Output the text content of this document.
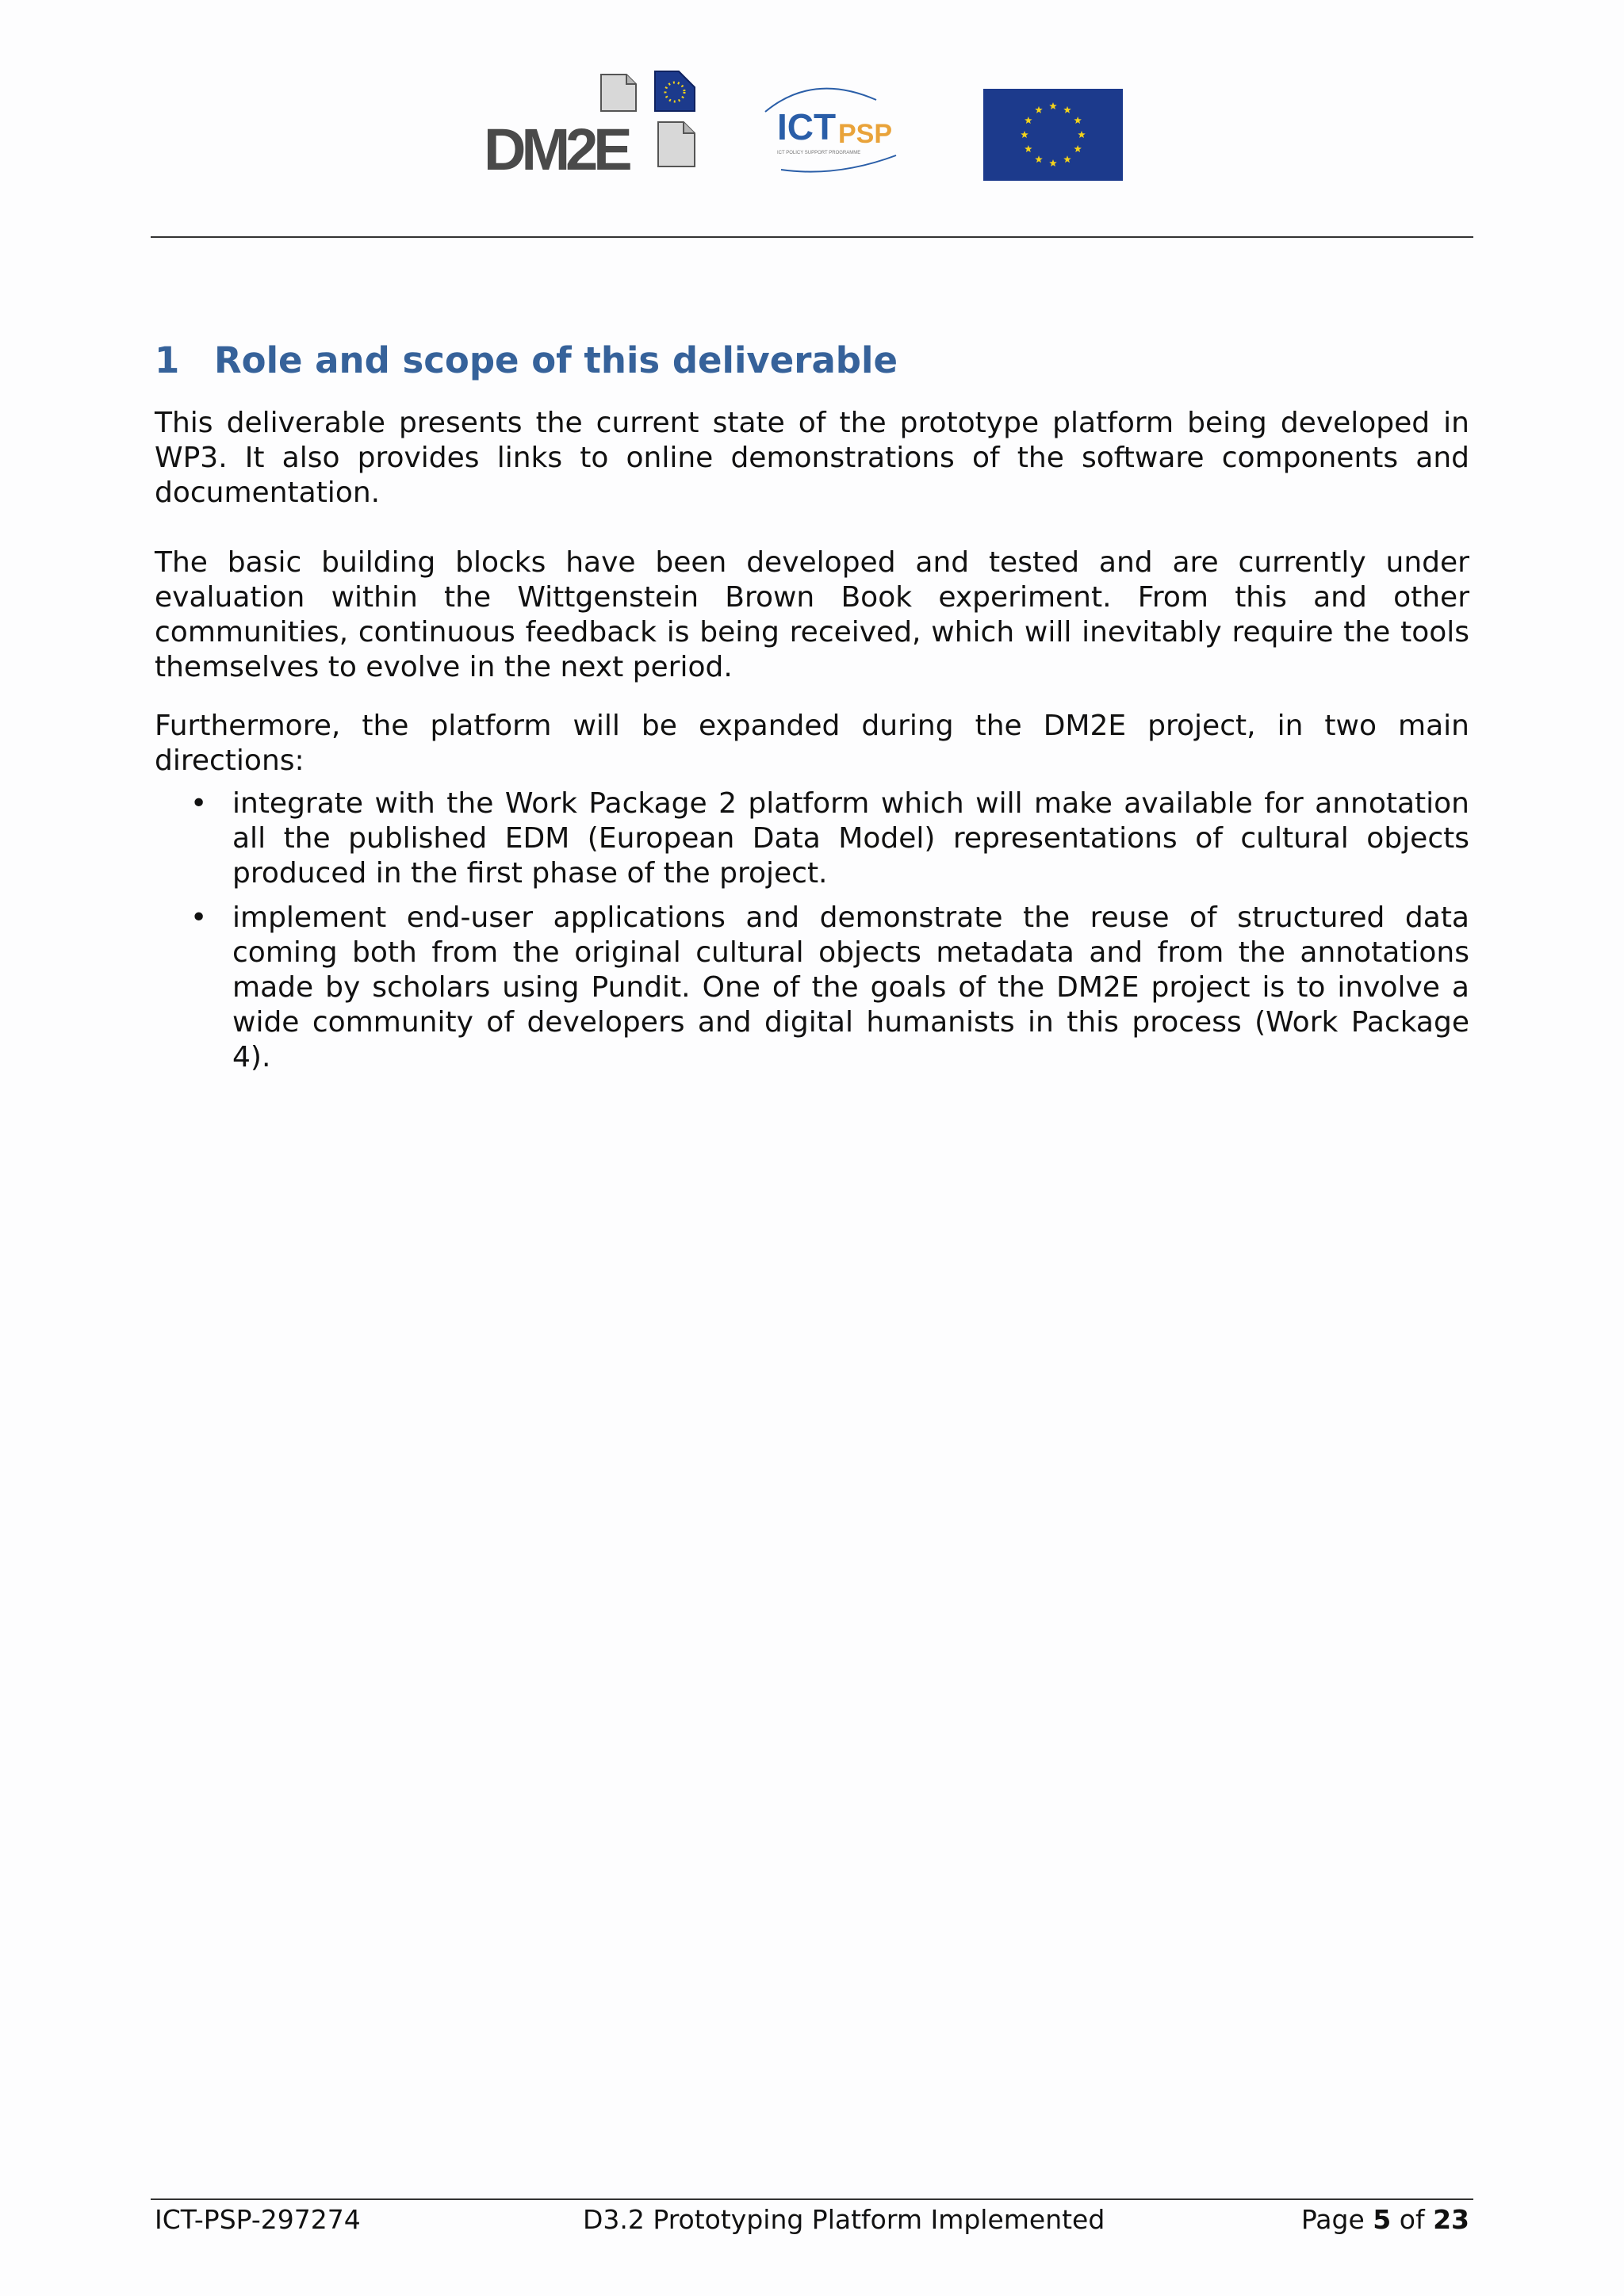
DM2E	ICT PSP
ICT POLICY SUPPORT PROGRAMME
1 Role and scope of this deliverable

This deliverable presents the current state of the prototype platform being developed in WP3. It also provides links to online demonstrations of the software components and documentation.

The basic building blocks have been developed and tested and are currently under evaluation within the Wittgenstein Brown Book experiment. From this and other communities, continuous feedback is being received, which will inevitably require the tools themselves to evolve in the next period.

Furthermore, the platform will be expanded during the DM2E project, in two main directions:

• integrate with the Work Package 2 platform which will make available for annotation all the published EDM (European Data Model) representations of cultural objects produced in the first phase of the project.
• implement end-user applications and demonstrate the reuse of structured data coming both from the original cultural objects metadata and from the annotations made by scholars using Pundit. One of the goals of the DM2E project is to involve a wide community of developers and digital humanists in this process (Work Package 4).
ICT-PSP-297274	D3.2 Prototyping Platform Implemented	Page 5 of 23
